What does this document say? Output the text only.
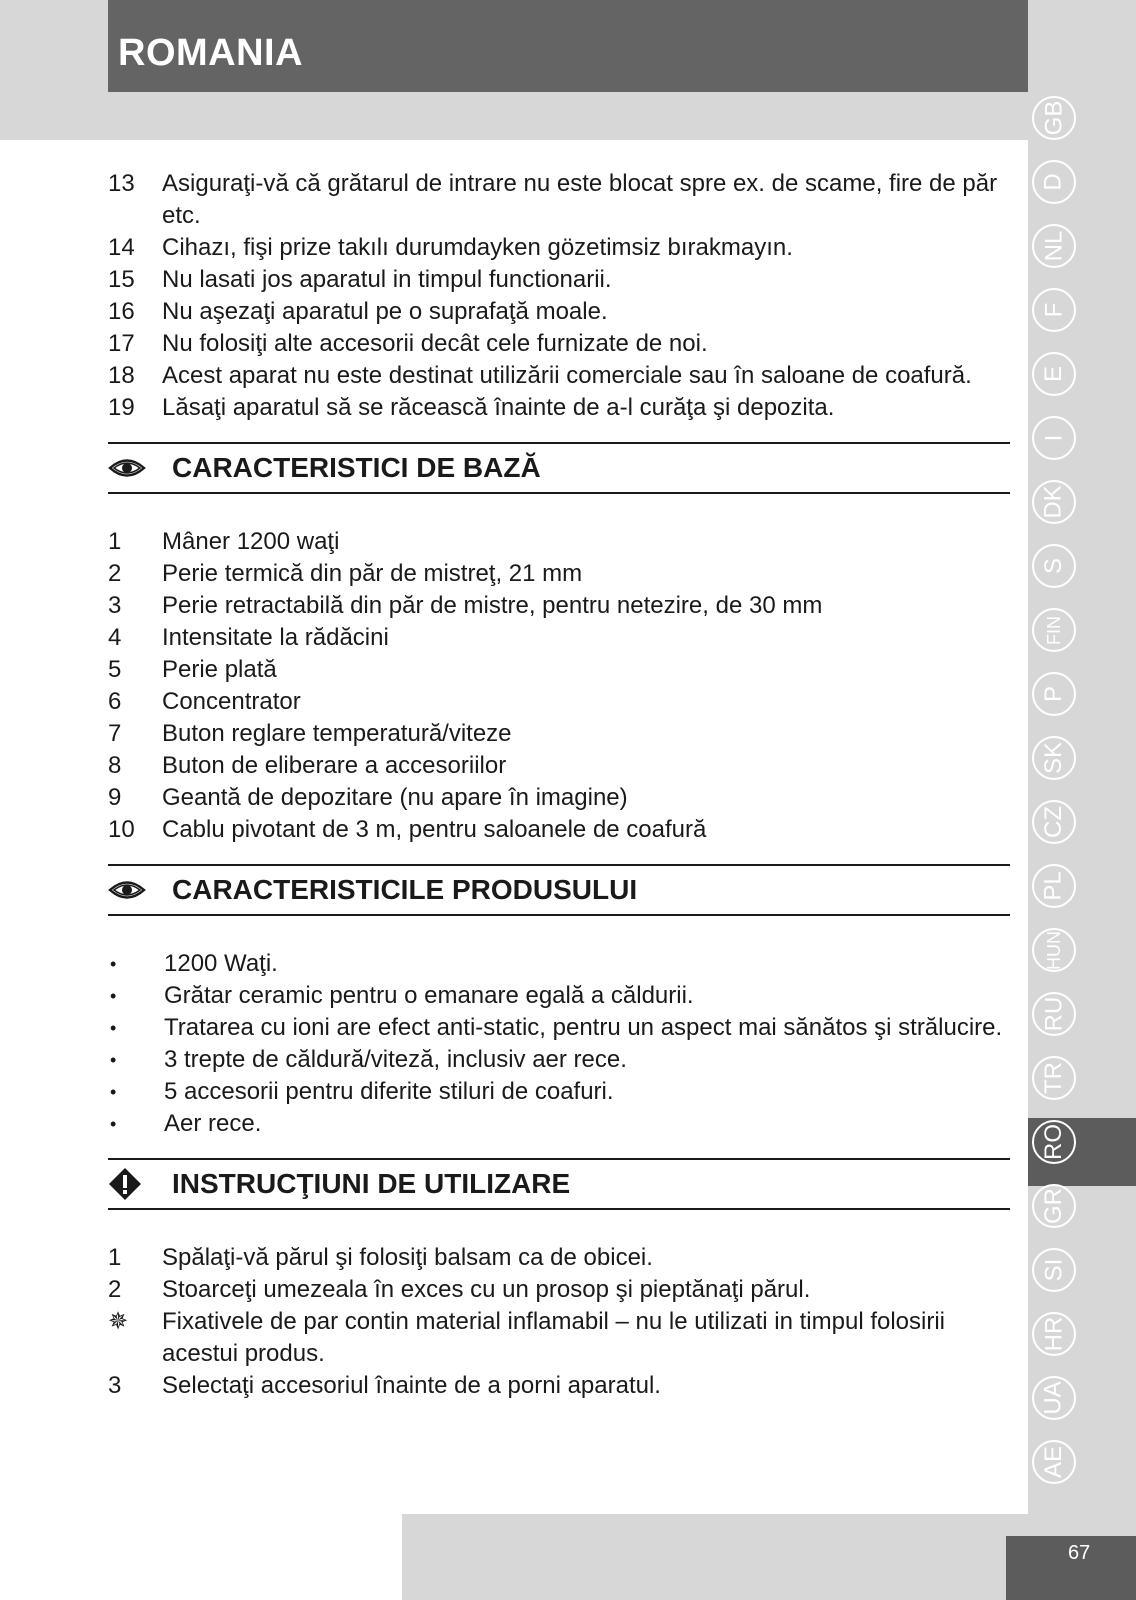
ROMANIA
GB
D
NL
F
E
I
DK
S
FIN
P
SK
CZ
PL
HUN
RU
TR
RO
GR
SI
HR
UA
AE
67
13	Asiguraţi-vă că grătarul de intrare nu este blocat spre ex. de scame, fire de păr etc.
14	Cihazı, fişi prize takılı durumdayken gözetimsiz bırakmayın.
15	Nu lasati jos aparatul in timpul functionarii.
16	Nu aşezaţi aparatul pe o suprafaţă moale.
17	Nu folosiţi alte accesorii decât cele furnizate de noi.
18	Acest aparat nu este destinat utilizării comerciale sau în saloane de coafură.
19	Lăsaţi aparatul să se răcească înainte de a-l curăţa şi depozita.
CARACTERISTICI DE BAZĂ
1	Mâner 1200 waţi
2	Perie termică din păr de mistreţ, 21 mm
3	Perie retractabilă din păr de mistre, pentru netezire, de 30 mm
4	Intensitate la rădăcini
5	Perie plată
6	Concentrator
7	Buton reglare temperatură/viteze
8	Buton de eliberare a accesoriilor
9	Geantă de depozitare (nu apare în imagine)
10	Cablu pivotant de 3 m, pentru saloanele de coafură
CARACTERISTICILE PRODUSULUI
•	1200 Waţi.
•	Grătar ceramic pentru o emanare egală a căldurii.
•	Tratarea cu ioni are efect anti-static, pentru un aspect mai sănătos şi strălucire.
•	3 trepte de căldură/viteză, inclusiv aer rece.
•	5 accesorii pentru diferite stiluri de coafuri.
•	Aer rece.
INSTRUCŢIUNI DE UTILIZARE
1	Spălaţi-vă părul şi folosiţi balsam ca de obicei.
2	Stoarceţi umezeala în exces cu un prosop şi pieptănaţi părul.
✵	Fixativele de par contin material inflamabil – nu le utilizati in timpul folosirii acestui produs.
3	Selectaţi accesoriul înainte de a porni aparatul.
